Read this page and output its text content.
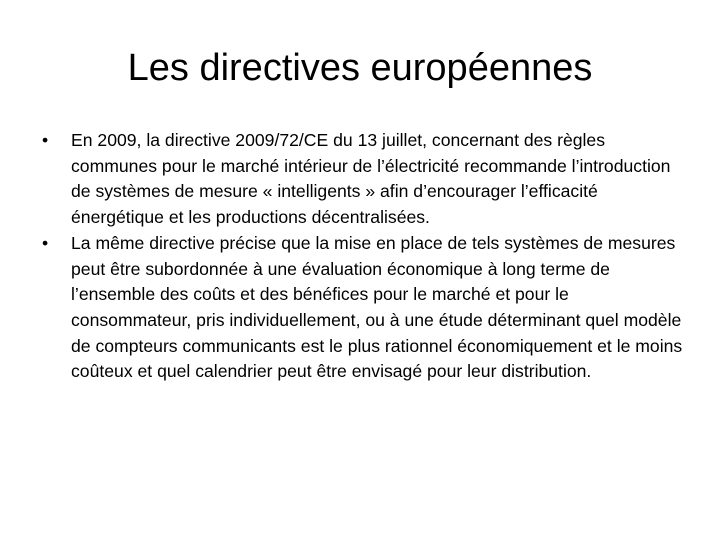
Les directives européennes
• En 2009, la directive 2009/72/CE du 13 juillet, concernant des règles communes pour le marché intérieur de l’électricité recommande l’introduction de systèmes de mesure « intelligents » afin d’encourager l’efficacité énergétique et les productions décentralisées.
• La même directive précise que la mise en place de tels systèmes de mesures peut être subordonnée à une évaluation économique à long terme de l’ensemble des coûts et des bénéfices pour le marché et pour le consommateur, pris individuellement, ou à une étude déterminant quel modèle de compteurs communicants est le plus rationnel économiquement et le moins coûteux et quel calendrier peut être envisagé pour leur distribution.
